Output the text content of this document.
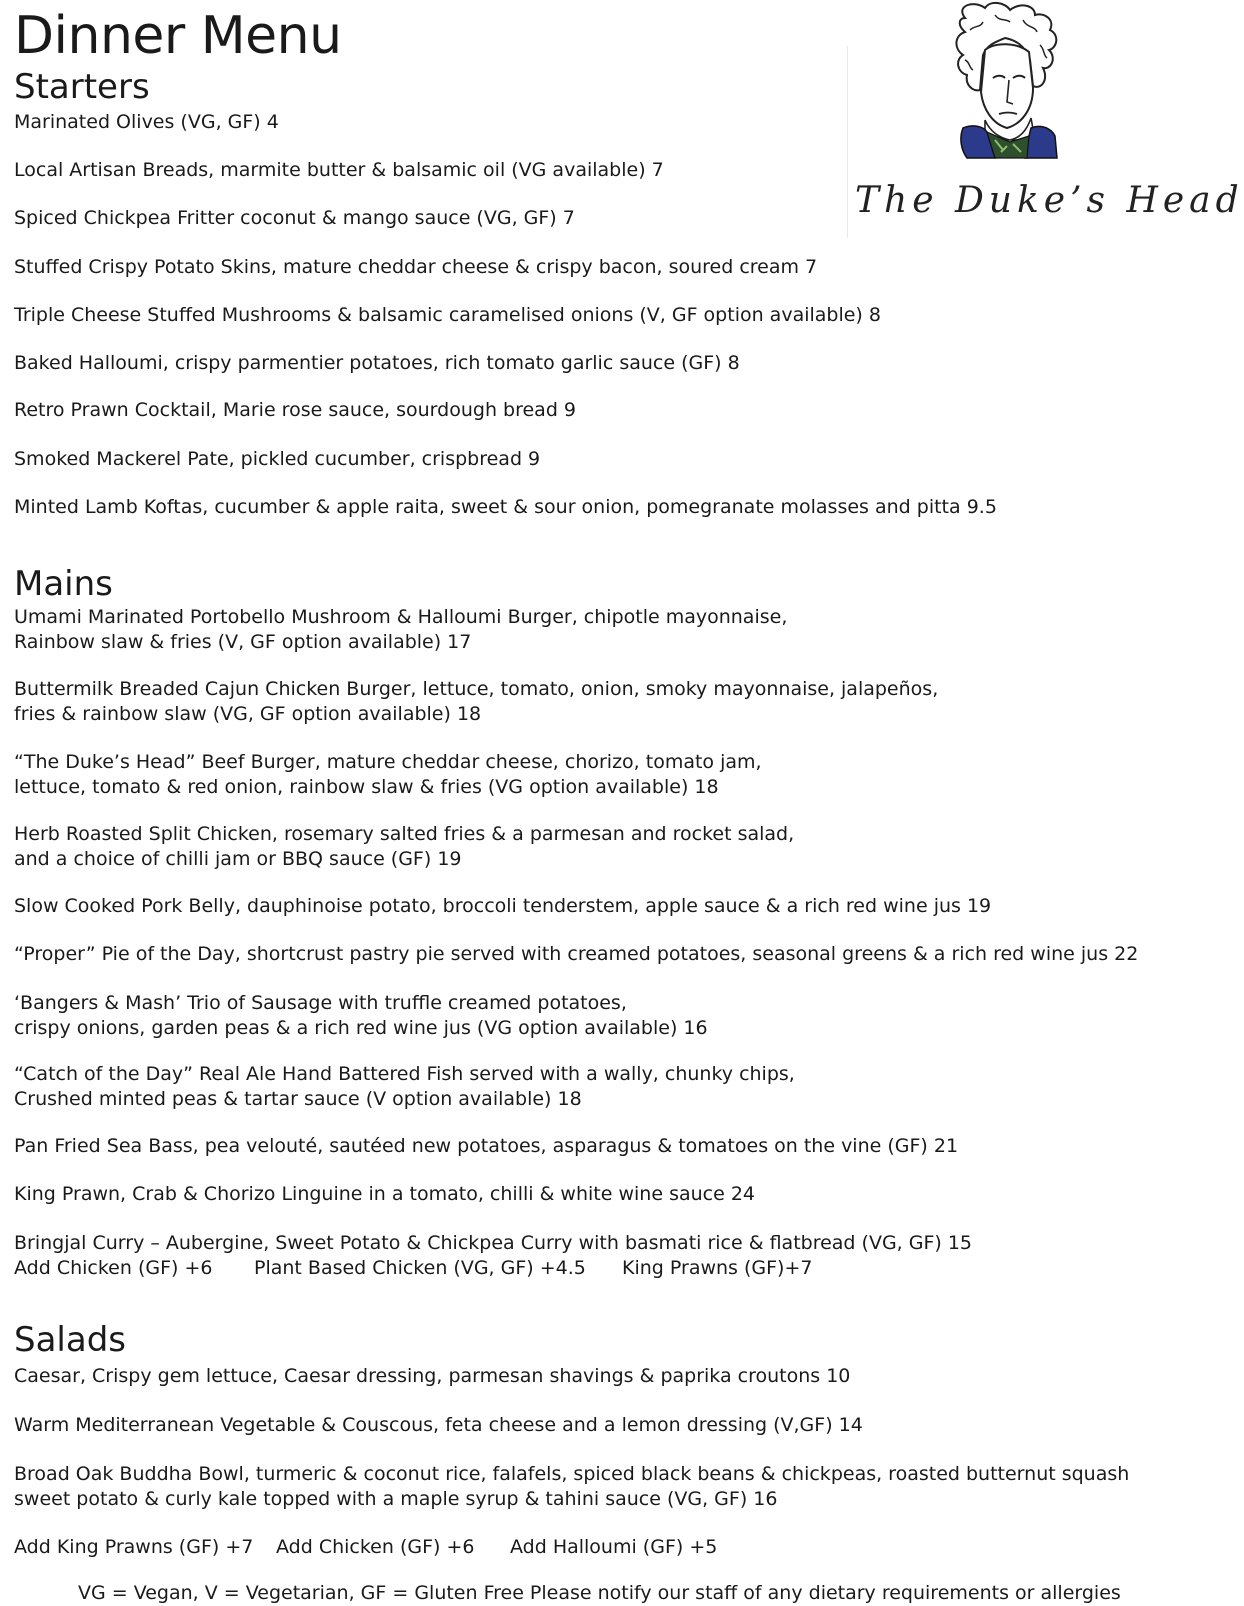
Dinner Menu
The Duke’s Head
Starters
Marinated Olives (VG, GF) 4
Local Artisan Breads, marmite butter & balsamic oil (VG available) 7
Spiced Chickpea Fritter coconut & mango sauce (VG, GF) 7
Stuffed Crispy Potato Skins, mature cheddar cheese & crispy bacon, soured cream 7
Triple Cheese Stuffed Mushrooms & balsamic caramelised onions (V, GF option available) 8
Baked Halloumi, crispy parmentier potatoes, rich tomato garlic sauce (GF) 8
Retro Prawn Cocktail, Marie rose sauce, sourdough bread 9
Smoked Mackerel Pate, pickled cucumber, crispbread 9
Minted Lamb Koftas, cucumber & apple raita, sweet & sour onion, pomegranate molasses and pitta 9.5
Mains
Umami Marinated Portobello Mushroom & Halloumi Burger, chipotle mayonnaise,
Rainbow slaw & fries (V, GF option available) 17
Buttermilk Breaded Cajun Chicken Burger, lettuce, tomato, onion, smoky mayonnaise, jalapeños,
fries & rainbow slaw (VG, GF option available) 18
“The Duke’s Head” Beef Burger, mature cheddar cheese, chorizo, tomato jam,
lettuce, tomato & red onion, rainbow slaw & fries (VG option available) 18
Herb Roasted Split Chicken, rosemary salted fries & a parmesan and rocket salad,
and a choice of chilli jam or BBQ sauce (GF) 19
Slow Cooked Pork Belly, dauphinoise potato, broccoli tenderstem, apple sauce & a rich red wine jus 19
“Proper” Pie of the Day, shortcrust pastry pie served with creamed potatoes, seasonal greens & a rich red wine jus 22
‘Bangers & Mash’ Trio of Sausage with truffle creamed potatoes,
crispy onions, garden peas & a rich red wine jus (VG option available) 16
“Catch of the Day” Real Ale Hand Battered Fish served with a wally, chunky chips,
Crushed minted peas & tartar sauce (V option available) 18
Pan Fried Sea Bass, pea velouté, sautéed new potatoes, asparagus & tomatoes on the vine (GF) 21
King Prawn, Crab & Chorizo Linguine in a tomato, chilli & white wine sauce 24
Bringjal Curry – Aubergine, Sweet Potato & Chickpea Curry with basmati rice & flatbread (VG, GF) 15
Add Chicken (GF) +6 Plant Based Chicken (VG, GF) +4.5 King Prawns (GF)+7
Salads
Caesar, Crispy gem lettuce, Caesar dressing, parmesan shavings & paprika croutons 10
Warm Mediterranean Vegetable & Couscous, feta cheese and a lemon dressing (V,GF) 14
Broad Oak Buddha Bowl, turmeric & coconut rice, falafels, spiced black beans & chickpeas, roasted butternut squash
sweet potato & curly kale topped with a maple syrup & tahini sauce (VG, GF) 16
Add King Prawns (GF) +7 Add Chicken (GF) +6 Add Halloumi (GF) +5
VG = Vegan, V = Vegetarian, GF = Gluten Free Please notify our staff of any dietary requirements or allergies
